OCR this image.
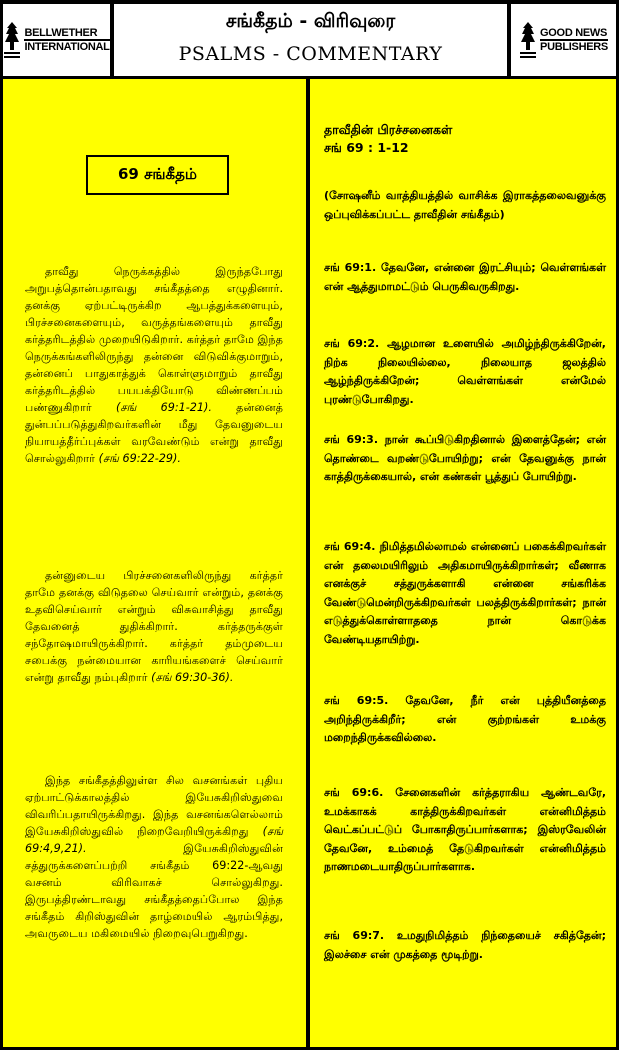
BELLWETHER
INTERNATIONAL
சங்கீதம் - விரிவுரை
PSALMS - COMMENTARY
GOOD NEWS
PUBLISHERS
69 சங்கீதம்

தாவீது நெருக்கத்தில் இருந்தபோது அறுபத்தொன்பதாவது சங்கீதத்தை எழுதினார். தனக்கு ஏற்பட்டிருக்கிற ஆபத்துக்களையும், பிரச்சனைகளையும், வருத்தங்களையும் தாவீது கர்த்தரிடத்தில் முறையிடுகிறார். கர்த்தர் தாமே இந்த நெருக்கங்களிலிருந்து தன்னை விடுவிக்குமாறும், தன்னைப் பாதுகாத்துக் கொள்ளுமாறும் தாவீது கர்த்தரிடத்தில் பயபக்தியோடு விண்ணப்பம் பண்ணுகிறார் (சங் 69:1-21). தன்னைத் துன்பப்படுத்துகிறவர்களின் மீது தேவனுடைய நியாயத்தீர்ப்புக்கள் வரவேண்டும் என்று தாவீது சொல்லுகிறார் (சங் 69:22-29).

தன்னுடைய பிரச்சனைகளிலிருந்து கர்த்தர் தாமே தனக்கு விடுதலை செய்வார் என்றும், தனக்கு உதவிசெய்வார் என்றும் விசுவாசித்து தாவீது தேவனைத் துதிக்கிறார். கர்த்தருக்குள் சந்தோஷமாயிருக்கிறார். கர்த்தர் தம்முடைய சபைக்கு நன்மையான காரியங்களைச் செய்வார் என்று தாவீது நம்புகிறார் (சங் 69:30-36).

இந்த சங்கீதத்திலுள்ள சில வசனங்கள் புதிய ஏற்பாட்டுக்காலத்தில் இயேசுகிறிஸ்துவை விவரிப்பதாயிருக்கிறது. இந்த வசனங்களெல்லாம் இயேசுகிறிஸ்துவில் நிறைவேறியிருக்கிறது (சங் 69:4,9,21).	இயேசுகிறிஸ்துவின் சத்துருக்களைப்பற்றி சங்கீதம் 69:22-ஆவது வசனம் விரிவாகச் சொல்லுகிறது. இருபத்திரண்டாவது சங்கீதத்தைப்போல இந்த சங்கீதம் கிறிஸ்துவின் தாழ்மையில் ஆரம்பித்து, அவருடைய மகிமையில் நிறைவுபெறுகிறது.

தாவீதின் பிரச்சனைகள்
சங் 69 : 1-12

(சோஷனீம் வாத்தியத்தில் வாசிக்க இராகத்தலைவனுக்கு ஒப்புவிக்கப்பட்ட தாவீதின் சங்கீதம்)

சங் 69:1. தேவனே, என்னை இரட்சியும்; வெள்ளங்கள் என் ஆத்துமாமட்டும் பெருகிவருகிறது.

சங் 69:2. ஆழமான உளையில் அமிழ்ந்திருக்கிறேன், நிற்க நிலையில்லை, நிலையாத ஜலத்தில் ஆழ்ந்திருக்கிறேன்; வெள்ளங்கள் என்மேல் புரண்டுபோகிறது.

சங் 69:3. நான் கூப்பிடுகிறதினால் இளைத்தேன்; என் தொண்டை வறண்டுபோயிற்று; என் தேவனுக்கு நான் காத்திருக்கையால், என் கண்கள் பூத்துப் போயிற்று.

சங் 69:4. நிமித்தமில்லாமல் என்னைப் பகைக்கிறவர்கள் என் தலைமயிரிலும் அதிகமாயிருக்கிறார்கள்; வீணாக எனக்குச் சத்துருக்களாகி என்னை சங்கரிக்க வேண்டுமென்றிருக்கிறவர்கள் பலத்திருக்கிறார்கள்; நான் எடுத்துக்கொள்ளாததை நான் கொடுக்க வேண்டியதாயிற்று.

சங் 69:5. தேவனே, நீர் என் புத்தியீனத்தை அறிந்திருக்கிறீர்; என் குற்றங்கள் உமக்கு மறைந்திருக்கவில்லை.

சங் 69:6. சேனைகளின் கர்த்தராகிய ஆண்டவரே, உமக்காகக் காத்திருக்கிறவர்கள் என்னிமித்தம் வெட்கப்பட்டுப் போகாதிருப்பார்களாக; இஸ்ரவேலின் தேவனே, உம்மைத் தேடுகிறவர்கள் என்னிமித்தம் நாணமடையாதிருப்பார்களாக.

சங் 69:7. உமதுநிமித்தம் நிந்தையைச் சகித்தேன்; இலச்சை என் முகத்தை மூடிற்று.
